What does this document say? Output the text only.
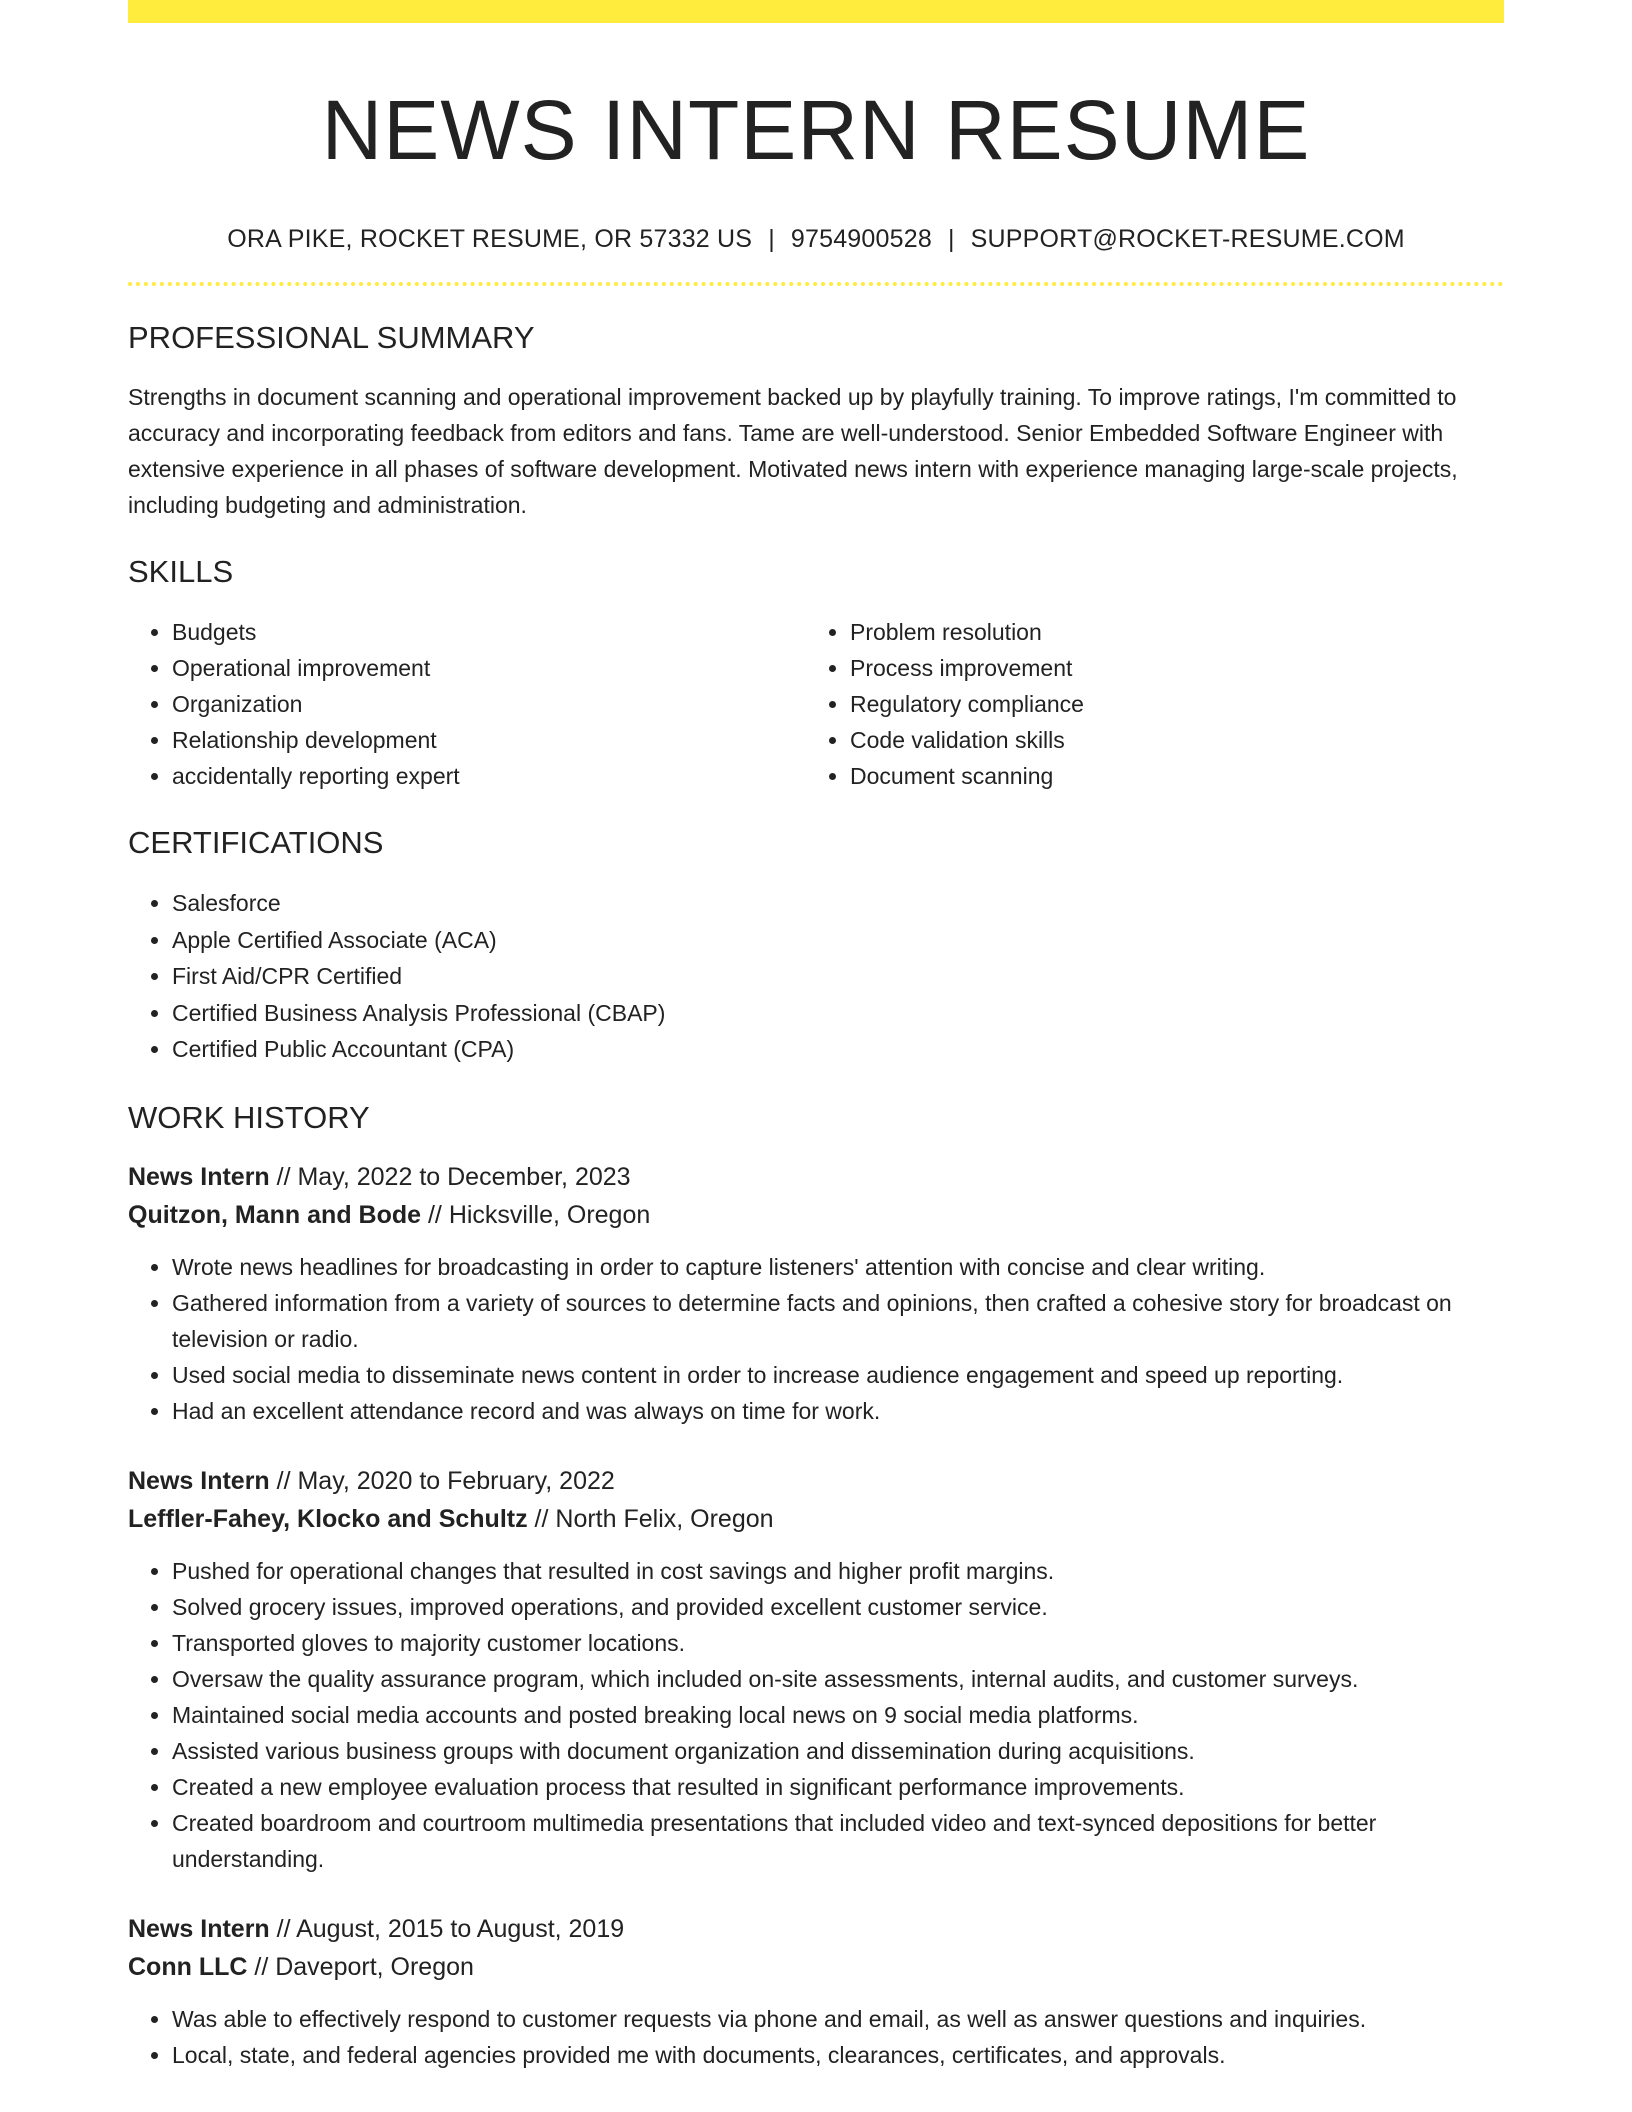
NEWS INTERN RESUME
ORA PIKE, ROCKET RESUME, OR 57332 US | 9754900528 | SUPPORT@ROCKET-RESUME.COM
PROFESSIONAL SUMMARY
Strengths in document scanning and operational improvement backed up by playfully training. To improve ratings, I'm committed to accuracy and incorporating feedback from editors and fans. Tame are well-understood. Senior Embedded Software Engineer with extensive experience in all phases of software development. Motivated news intern with experience managing large-scale projects, including budgeting and administration.
SKILLS
• Budgets
• Operational improvement
• Organization
• Relationship development
• accidentally reporting expert
• Problem resolution
• Process improvement
• Regulatory compliance
• Code validation skills
• Document scanning
CERTIFICATIONS
• Salesforce
• Apple Certified Associate (ACA)
• First Aid/CPR Certified
• Certified Business Analysis Professional (CBAP)
• Certified Public Accountant (CPA)
WORK HISTORY
News Intern // May, 2022 to December, 2023
Quitzon, Mann and Bode // Hicksville, Oregon
• Wrote news headlines for broadcasting in order to capture listeners' attention with concise and clear writing.
• Gathered information from a variety of sources to determine facts and opinions, then crafted a cohesive story for broadcast on television or radio.
• Used social media to disseminate news content in order to increase audience engagement and speed up reporting.
• Had an excellent attendance record and was always on time for work.
News Intern // May, 2020 to February, 2022
Leffler-Fahey, Klocko and Schultz // North Felix, Oregon
• Pushed for operational changes that resulted in cost savings and higher profit margins.
• Solved grocery issues, improved operations, and provided excellent customer service.
• Transported gloves to majority customer locations.
• Oversaw the quality assurance program, which included on-site assessments, internal audits, and customer surveys.
• Maintained social media accounts and posted breaking local news on 9 social media platforms.
• Assisted various business groups with document organization and dissemination during acquisitions.
• Created a new employee evaluation process that resulted in significant performance improvements.
• Created boardroom and courtroom multimedia presentations that included video and text-synced depositions for better understanding.
News Intern // August, 2015 to August, 2019
Conn LLC // Daveport, Oregon
• Was able to effectively respond to customer requests via phone and email, as well as answer questions and inquiries.
• Local, state, and federal agencies provided me with documents, clearances, certificates, and approvals.
